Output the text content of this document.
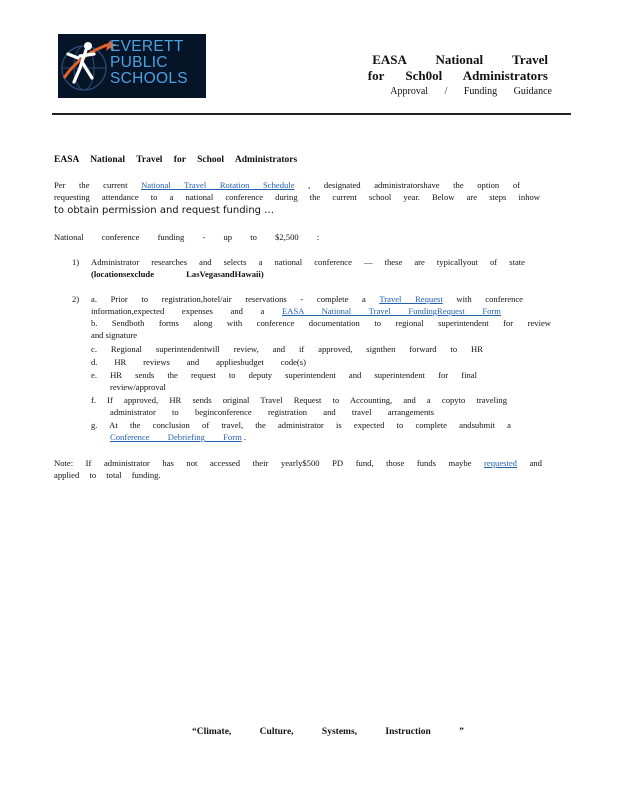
EVERETT
PUBLIC
SCHOOLS
EASA National Travel
for Sch0ol Administrators
Approval / Funding Guidance
EASA National Travel for School Administrators
Per the current National Travel Rotation Schedule , designated administratorshave the option of
requesting attendance to a national conference during the current school year. Below are steps inhow
to obtain permission and request funding …
National conference funding - up to $2,500 :
1) Administrator researches and selects a national conference — these are typicallyout of state
(locationsexclude LasVegasandHawaii)
2) a. Prior to registration,hotel/air reservations - complete a Travel Request with conference
information,expected expenses and a EASA National Travel FundingRequest Form
b. Sendboth forms along with conference documentation to regional superintendent for review
and signature
c. Regional superintendentwill review, and if approved, signthen forward to HR
d. HR reviews and appliesbudget code(s)
e. HR sends the request to deputy superintendent and superintendent for final
review/approval
f. If approved, HR sends original Travel Request to Accounting, and a copyto traveling
administrator to beginconference registration and travel arrangements
g. At the conclusion of travel, the administrator is expected to complete andsubmit a
Conference Debriefing Form .
Note: If administrator has not accessed their yearly$500 PD fund, those funds maybe requested and
applied to total funding.
“Climate, Culture, Systems, Instruction ”
